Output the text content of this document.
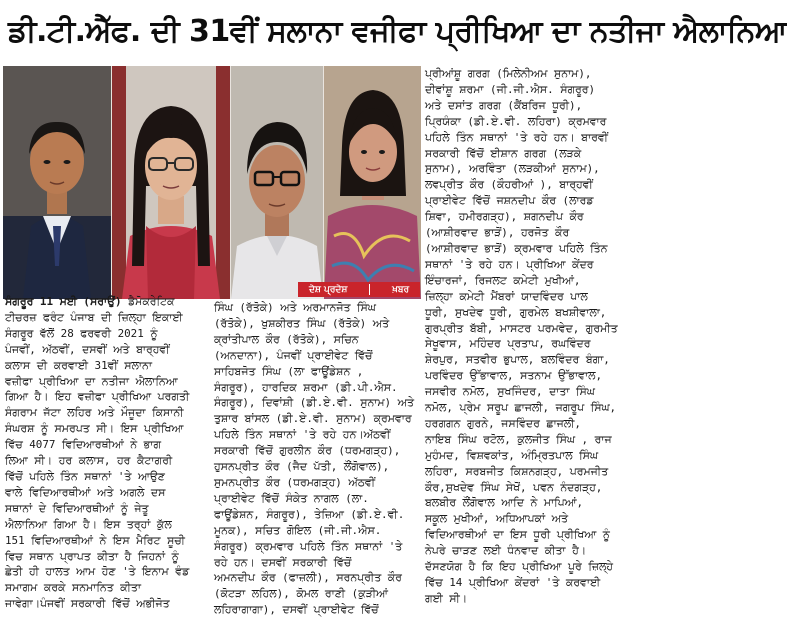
ਡੀ.ਟੀ.ਐੱਫ. ਦੀ 31ਵੀਂ ਸਲਾਨਾ ਵਜੀਫਾ ਪ੍ਰੀਖਿਆ ਦਾ ਨਤੀਜਾ ਐਲਾਨਿਆ
ਦੇਸ਼ ਪ੍ਰਦੇਸ਼	ਖ਼ਬਰ

ਸੰਗਰੂਰ 11 ਮਈ (ਸਰਾਉਂ) ਡੈਮੋਕਰੇਟਿਕ

ਟੀਚਰਜ਼ ਫਰੰਟ ਪੰਜਾਬ ਦੀ ਜ਼ਿਲ੍ਹਾ ਇਕਾਈ

ਸੰਗਰੂਰ ਵੱਲੋਂ 28 ਫਰਵਰੀ 2021 ਨੂੰ

ਪੰਜਵੀਂ, ਅੱਠਵੀਂ, ਦਸਵੀਂ ਅਤੇ ਬਾਰ੍ਹਵੀਂ

ਕਲਾਸ ਦੀ ਕਰਵਾਈ 31ਵੀਂ ਸਲਾਨਾ

ਵਜ਼ੀਫਾ ਪ੍ਰੀਖਿਆ ਦਾ ਨਤੀਜਾ ਐਲਾਨਿਆ

ਗਿਆ ਹੈ। ਇਹ ਵਜ਼ੀਫਾ ਪ੍ਰੀਖਿਆ ਪਰਗਤੀ

ਸੰਗਰਾਮ ਜੱਟਾ ਲਹਿਰ ਅਤੇ ਮੌਜੂਦਾ ਕਿਸਾਨੀ

ਸੰਘਰਸ਼ ਨੂੰ ਸਮਰਪਤ ਸੀ। ਇਸ ਪ੍ਰੀਖਿਆ

ਵਿੱਚ 4077 ਵਿਦਿਆਰਥੀਆਂ ਨੇ ਭਾਗ

ਲਿਆ ਸੀ। ਹਰ ਕਲਾਸ, ਹਰ ਕੈਟਾਗਰੀ

ਵਿੱਚੋਂ ਪਹਿਲੇ ਤਿੰਨ ਸਥਾਨਾਂ 'ਤੇ ਆਉਣ

ਵਾਲੇ ਵਿਦਿਆਰਥੀਆਂ ਅਤੇ ਅਗਲੇ ਦਸ

ਸਥਾਨਾਂ ਦੇ ਵਿਦਿਆਰਥੀਆਂ ਨੂੰ ਜੇਤੂ

ਐਲਾਨਿਆ ਗਿਆ ਹੈ। ਇਸ ਤਰ੍ਹਾਂ ਕੁੱਲ

151 ਵਿਦਿਆਰਥੀਆਂ ਨੇ ਇਸ ਮੈਰਿਟ ਸੂਚੀ

ਵਿਚ ਸਥਾਨ ਪ੍ਰਾਪਤ ਕੀਤਾ ਹੈ ਜਿਹਨਾਂ ਨੂੰ

ਛੇਤੀ ਹੀ ਹਾਲਤ ਆਮ ਹੋਣ 'ਤੇ ਇਨਾਮ ਵੰਡ

ਸਮਾਗਮ ਕਰਕੇ ਸਨਮਾਨਿਤ ਕੀਤਾ

ਜਾਵੇਗਾ।ਪੰਜਵੀਂ ਸਰਕਾਰੀ ਵਿੱਚੋਂ ਅਭੀਜੋਤ

ਸਿੰਘ (ਰੱਤੋਕੇ) ਅਤੇ ਅਰਮਾਨਜੋਤ ਸਿੰਘ

(ਰੱਤੋਕੇ), ਖੁਸ਼ਕੀਰਤ ਸਿੰਘ (ਰੱਤੋਕੇ) ਅਤੇ

ਕ੍ਰਾਂਤੀਪਾਲ ਕੌਰ (ਰੱਤੋਕੇ), ਸਚਿਨ

(ਅਨਦਾਨਾ), ਪੰਜਵੀਂ ਪ੍ਰਾਈਵੇਟ ਵਿੱਚੋਂ

ਸਾਹਿਬਜੋਤ ਸਿੰਘ (ਲਾ ਫਾਊਂਡੇਸ਼ਨ ,

ਸੰਗਰੂਰ), ਹਾਰਦਿਕ ਸ਼ਰਮਾ (ਡੀ.ਪੀ.ਐਸ.

ਸੰਗਰੂਰ), ਦਿਵਾਂਸ਼ੀ (ਡੀ.ਏ.ਵੀ. ਸੁਨਾਮ) ਅਤੇ

ਤੁਸ਼ਾਰ ਬਾਂਸਲ (ਡੀ.ਏ.ਵੀ. ਸੁਨਾਮ) ਕ੍ਰਮਵਾਰ

ਪਹਿਲੇ ਤਿੰਨ ਸਥਾਨਾਂ 'ਤੇ ਰਹੇ ਹਨ।ਅੱਠਵੀਂ

ਸਰਕਾਰੀ ਵਿੱਚੋਂ ਗੁਰਲੀਨ ਕੌਰ (ਧਰਮਗੜ੍ਹ),

ਹੁਸਨਪ੍ਰੀਤ ਕੌਰ (ਜੈਦ ਪੱਤੀ, ਲੌਂਗੋਵਾਲ),

ਸੁਮਨਪ੍ਰੀਤ ਕੌਰ (ਧਰਮਗੜ੍ਹ) ਅੱਠਵੀਂ

ਪ੍ਰਾਈਵੇਟ ਵਿੱਚੋਂ ਸੰਕੇਤ ਨਾਗਲ (ਲਾ.

ਫਾਊਂਡੇਸ਼ਨ, ਸੰਗਰੂਰ), ਤੇਜ਼ਿਆ (ਡੀ.ਏ.ਵੀ.

ਮੂਨਕ), ਸਚਿਤ ਗੋਇਲ (ਜੀ.ਜੀ.ਐਸ.

ਸੰਗਰੂਰ) ਕ੍ਰਮਵਾਰ ਪਹਿਲੇ ਤਿੰਨ ਸਥਾਨਾਂ 'ਤੇ

ਰਹੇ ਹਨ। ਦਸਵੀਂ ਸਰਕਾਰੀ ਵਿੱਚੋਂ

ਅਮਨਦੀਪ ਕੌਰ (ਫਾਜ਼ਲੀ), ਸਰਨਪ੍ਰੀਤ ਕੌਰ

(ਕੋਟੜਾ ਲਹਿਲ), ਕੋਮਲ ਰਾਣੀ (ਕੁੜੀਆਂ

ਲਹਿਰਾਗਾਗਾ), ਦਸਵੀਂ ਪ੍ਰਾਈਵੇਟ ਵਿੱਚੋਂ

ਪ੍ਰੀਆਂਸ਼ੂ ਗਰਗ (ਮਿਲੇਨੀਅਮ ਸੁਨਾਮ),

ਦੀਵਾਂਸ਼ੂ ਸ਼ਰਮਾ (ਜੀ.ਜੀ.ਐਸ. ਸੰਗਰੂਰ)

ਅਤੇ ਦਸਾਂਤ ਗਰਗ (ਕੈਂਬਰਿਜ ਧੂਰੀ),

ਪ੍ਰਿਯੰਕਾ (ਡੀ.ਏ.ਵੀ. ਲਹਿਰਾ) ਕ੍ਰਮਵਾਰ

ਪਹਿਲੇ ਤਿੰਨ ਸਥਾਨਾਂ 'ਤੇ ਰਹੇ ਹਨ। ਬਾਰਵੀਂ

ਸਰਕਾਰੀ ਵਿੱਚੋਂ ਈਸ਼ਾਨ ਗਰਗ (ਲੜਕੇ

ਸੁਨਾਮ), ਅਰਵਿੰਤਾ (ਲੜਕੀਆਂ ਸੁਨਾਮ),

ਲਵਪ੍ਰੀਤ ਕੌਰ (ਕੌਹਰੀਆਂ ), ਬਾਰ੍ਹਵੀਂ

ਪ੍ਰਾਈਵੇਟ ਵਿੱਚੋਂ ਜਸ਼ਨਦੀਪ ਕੌਰ (ਲਾਰਡ

ਸ਼ਿਵਾ, ਹਮੀਰਗੜ੍ਹ), ਸ਼ਗਨਦੀਪ ਕੌਰ

(ਆਸ਼ੀਰਵਾਦ ਭਾੜੋਂ), ਹਰਜੋਤ ਕੌਰ

(ਆਸ਼ੀਰਵਾਦ ਭਾੜੋਂ) ਕ੍ਰਮਵਾਰ ਪਹਿਲੇ ਤਿੰਨ

ਸਥਾਨਾਂ 'ਤੇ ਰਹੇ ਹਨ। ਪ੍ਰੀਖਿਆ ਕੇਂਦਰ

ਇੰਚਾਰਜਾਂ, ਰਿਜਲਟ ਕਮੇਟੀ ਮੁਖੀਆਂ,

ਜ਼ਿਲ੍ਹਾ ਕਮੇਟੀ ਮੈਂਬਰਾਂ ਯਾਦਵਿੰਦਰ ਪਾਲ

ਧੂਰੀ, ਸੁਖਦੇਵ ਧੂਰੀ, ਗੁਰਮੇਲ ਬਖਸ਼ੀਵਾਲਾ,

ਗੁਰਪ੍ਰੀਤ ਬੱਬੀ, ਮਾਸਟਰ ਪਰਮਵੇਦ, ਗੁਰਮੀਤ

ਸੇਖੂਵਾਸ, ਮਹਿੰਦਰ ਪ੍ਰਤਾਪ, ਰਘਵਿੰਦਰ

ਸ਼ੇਰਪੁਰ, ਸਤਵੀਰ ਭੁਪਾਲ, ਬਲਵਿੰਦਰ ਬੰਗਾ,

ਪਰਵਿੰਦਰ ਉੱਭਾਵਾਲ, ਸਤਨਾਮ ਉੱਭਾਵਾਲ,

ਜਸਵੀਰ ਨਮੋਲ, ਸੁਖਜਿੰਦਰ, ਦਾਤਾ ਸਿੰਘ

ਨਮੋਲ, ਪ੍ਰੇਮ ਸਰੂਪ ਛਾਜਲੀ, ਜਗਰੂਪ ਸਿੰਘ,

ਹਰਗਗਨ ਗੁਰਨੇ, ਜਸਵਿੰਦਰ ਛਾਜਲੀ,

ਨਾਇਬ ਸਿੰਘ ਰਟੋਲ, ਕੁਲਜੀਤ ਸਿੰਘ , ਰਾਜ

ਮੁਹੰਮਦ, ਵਿਸ਼ਵਕਾਂਤ, ਅੰਮ੍ਰਿਤਪਾਲ ਸਿੰਘ

ਲਹਿਰਾ, ਸਰਬਜੀਤ ਕਿਸ਼ਨਗੜ੍ਹ, ਪਰਮਜੀਤ

ਕੌਰ,ਸੁਖਦੇਵ ਸਿੰਘ ਸੇਖੋਂ, ਪਵਨ ਨੰਦਗੜ੍ਹ,

ਬਲਬੀਰ ਲੌਂਗੋਵਾਲ ਆਦਿ ਨੇ ਮਾਪਿਆਂ,

ਸਕੂਲ ਮੁਖੀਆਂ, ਅਧਿਆਪਕਾਂ ਅਤੇ

ਵਿਦਿਆਰਥੀਆਂ ਦਾ ਇਸ ਧੂਰੀ ਪ੍ਰੀਖਿਆ ਨੂੰ

ਨੇਪਰੇ ਚਾੜਣ ਲਈ ਧੰਨਵਾਦ ਕੀਤਾ ਹੈ।

ਦੱਸਣਯੋਗ ਹੈ ਕਿ ਇਹ ਪ੍ਰੀਖਿਆ ਪੂਰੇ ਜ਼ਿਲ੍ਹੇ

ਵਿੱਚ 14 ਪ੍ਰੀਖਿਆ ਕੇਂਦਰਾਂ 'ਤੇ ਕਰਵਾਈ

ਗਈ ਸੀ।
